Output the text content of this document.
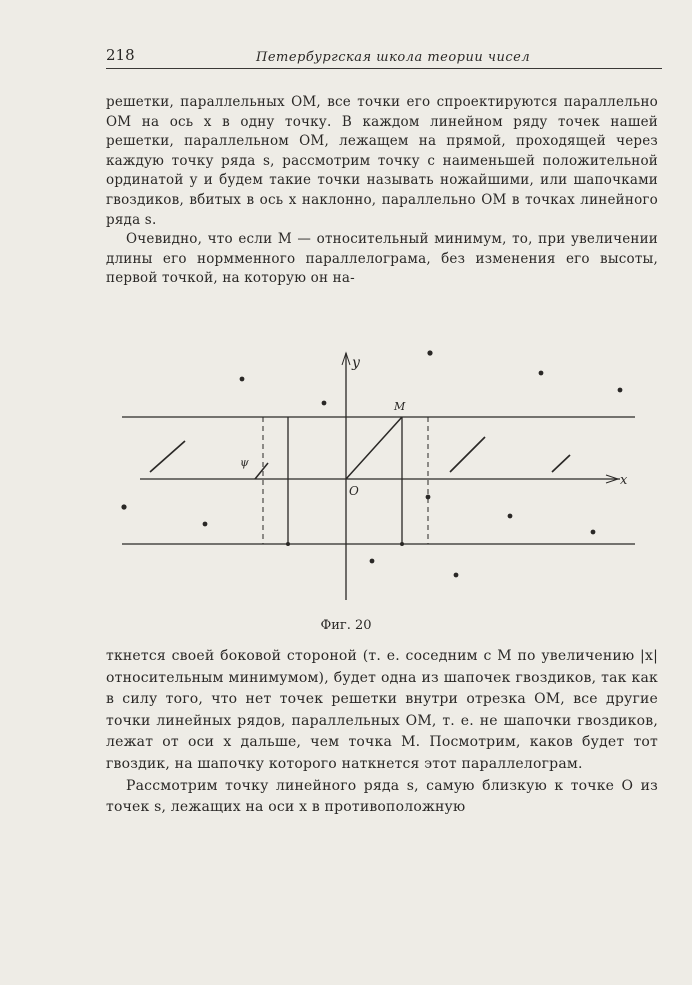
218	Петербургская школа теории чисел

решетки, параллельных OM, все точки его спроектируются параллельно OM на ось x в одну точку. В каждом линейном ряду точек нашей решетки, параллельном OM, лежащем на прямой, проходящей через каждую точку ряда s, рассмотрим точку с наименьшей положительной ординатой y и будем такие точки называть ножайшими, или шапочками гвоздиков, вбитых в ось x наклонно, параллельно OM в точках линейного ряда s.

Очевидно, что если M — относительный минимум, то, при увеличении длины его нормменного параллелограма, без изменения его высоты, первой точкой, на которую он на-

y
x
O
M
ψ
Фиг. 20

ткнется своей боковой стороной (т. е. соседним с M по увеличению |x| относительным минимумом), будет одна из шапочек гвоздиков, так как в силу того, что нет точек решетки внутри отрезка OM, все другие точки линейных рядов, параллельных OM, т. е. не шапочки гвоздиков, лежат от оси x дальше, чем точка M. Посмотрим, каков будет тот гвоздик, на шапочку которого наткнется этот параллелограм.

Рассмотрим точку линейного ряда s, самую близкую к точке O из точек s, лежащих на оси x в противоположную
